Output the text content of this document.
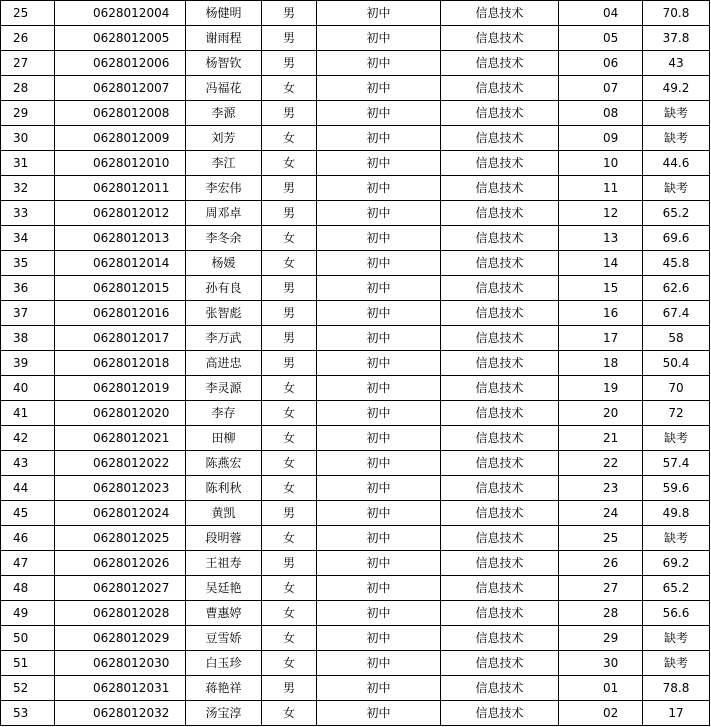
25	0628012004	杨健明	男	初中	信息技术	04	70.8
26	0628012005	谢雨程	男	初中	信息技术	05	37.8
27	0628012006	杨智钦	男	初中	信息技术	06	43
28	0628012007	冯福花	女	初中	信息技术	07	49.2
29	0628012008	李源	男	初中	信息技术	08	缺考
30	0628012009	刘芳	女	初中	信息技术	09	缺考
31	0628012010	李江	女	初中	信息技术	10	44.6
32	0628012011	李宏伟	男	初中	信息技术	11	缺考
33	0628012012	周邓卓	男	初中	信息技术	12	65.2
34	0628012013	李冬余	女	初中	信息技术	13	69.6
35	0628012014	杨媛	女	初中	信息技术	14	45.8
36	0628012015	孙有良	男	初中	信息技术	15	62.6
37	0628012016	张智彪	男	初中	信息技术	16	67.4
38	0628012017	李万武	男	初中	信息技术	17	58
39	0628012018	高进忠	男	初中	信息技术	18	50.4
40	0628012019	李灵源	女	初中	信息技术	19	70
41	0628012020	李存	女	初中	信息技术	20	72
42	0628012021	田柳	女	初中	信息技术	21	缺考
43	0628012022	陈燕宏	女	初中	信息技术	22	57.4
44	0628012023	陈利秋	女	初中	信息技术	23	59.6
45	0628012024	黄凯	男	初中	信息技术	24	49.8
46	0628012025	段明蓉	女	初中	信息技术	25	缺考
47	0628012026	王祖寿	男	初中	信息技术	26	69.2
48	0628012027	吴廷艳	女	初中	信息技术	27	65.2
49	0628012028	曹惠婷	女	初中	信息技术	28	56.6
50	0628012029	豆雪娇	女	初中	信息技术	29	缺考
51	0628012030	白玉珍	女	初中	信息技术	30	缺考
52	0628012031	蒋艳祥	男	初中	信息技术	01	78.8
53	0628012032	汤宝淳	女	初中	信息技术	02	17
